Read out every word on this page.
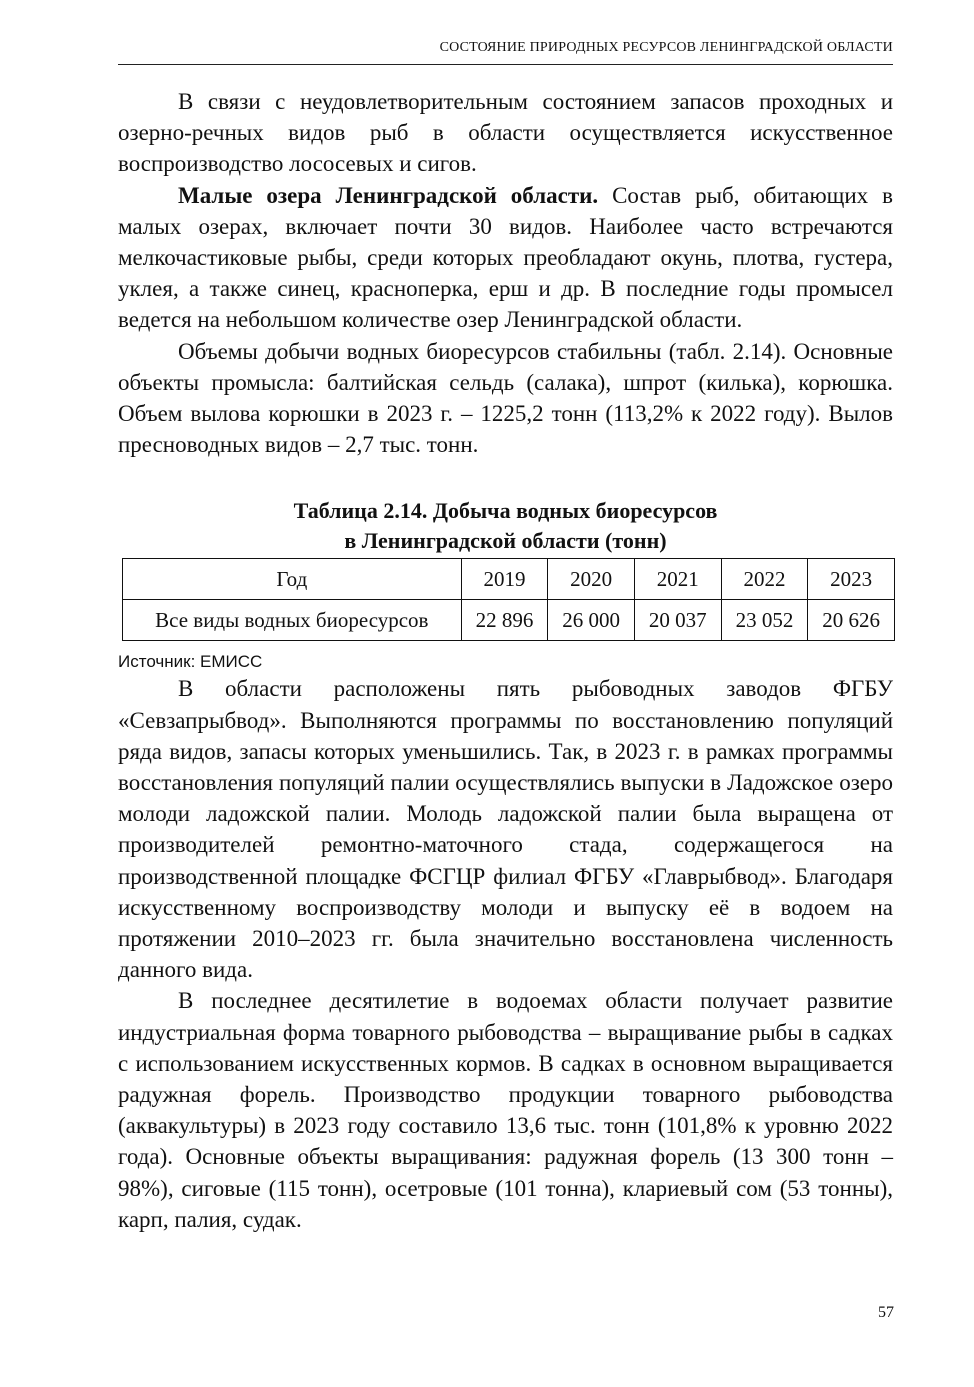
СОСТОЯНИЕ ПРИРОДНЫХ РЕСУРСОВ ЛЕНИНГРАДСКОЙ ОБЛАСТИ

В связи с неудовлетворительным состоянием запасов проходных и озерно-речных видов рыб в области осуществляется искусственное воспроизводство лососевых и сигов.

Малые озера Ленинградской области. Состав рыб, обитающих в малых озерах, включает почти 30 видов. Наиболее часто встречаются мелкочастиковые рыбы, среди которых преобладают окунь, плотва, густера, уклея, а также синец, красноперка, ерш и др. В последние годы промысел ведется на небольшом количестве озер Ленинградской области.

Объемы добычи водных биоресурсов стабильны (табл. 2.14). Основные объекты промысла: балтийская сельдь (салака), шпрот (килька), корюшка. Объем вылова корюшки в 2023 г. – 1225,2 тонн (113,2% к 2022 году). Вылов пресноводных видов – 2,7 тыс. тонн.

Таблица 2.14. Добыча водных биоресурсов
в Ленинградской области (тонн)
Год	2019	2020	2021	2022	2023
Все виды водных биоресурсов	22 896	26 000	20 037	23 052	20 626

Источник: ЕМИСС

В области расположены пять рыбоводных заводов ФГБУ «Севзапрыбвод». Выполняются программы по восстановлению популяций ряда видов, запасы которых уменьшились. Так, в 2023 г. в рамках программы восстановления популяций палии осуществлялись выпуски в Ладожское озеро молоди ладожской палии. Молодь ладожской палии была выращена от производителей ремонтно-маточного стада, содержащегося на производственной площадке ФСГЦР филиал ФГБУ «Главрыбвод». Благодаря искусственному воспроизводству молоди и выпуску её в водоем на протяжении 2010–2023 гг. была значительно восстановлена численность данного вида.

В последнее десятилетие в водоемах области получает развитие индустриальная форма товарного рыбоводства – выращивание рыбы в садках с использованием искусственных кормов. В садках в основном выращивается радужная форель. Производство продукции товарного рыбоводства (аквакультуры) в 2023 году составило 13,6 тыс. тонн (101,8% к уровню 2022 года). Основные объекты выращивания: радужная форель (13 300 тонн – 98%), сиговые (115 тонн), осетровые (101 тонна), клариевый сом (53 тонны), карп, палия, судак.

57
